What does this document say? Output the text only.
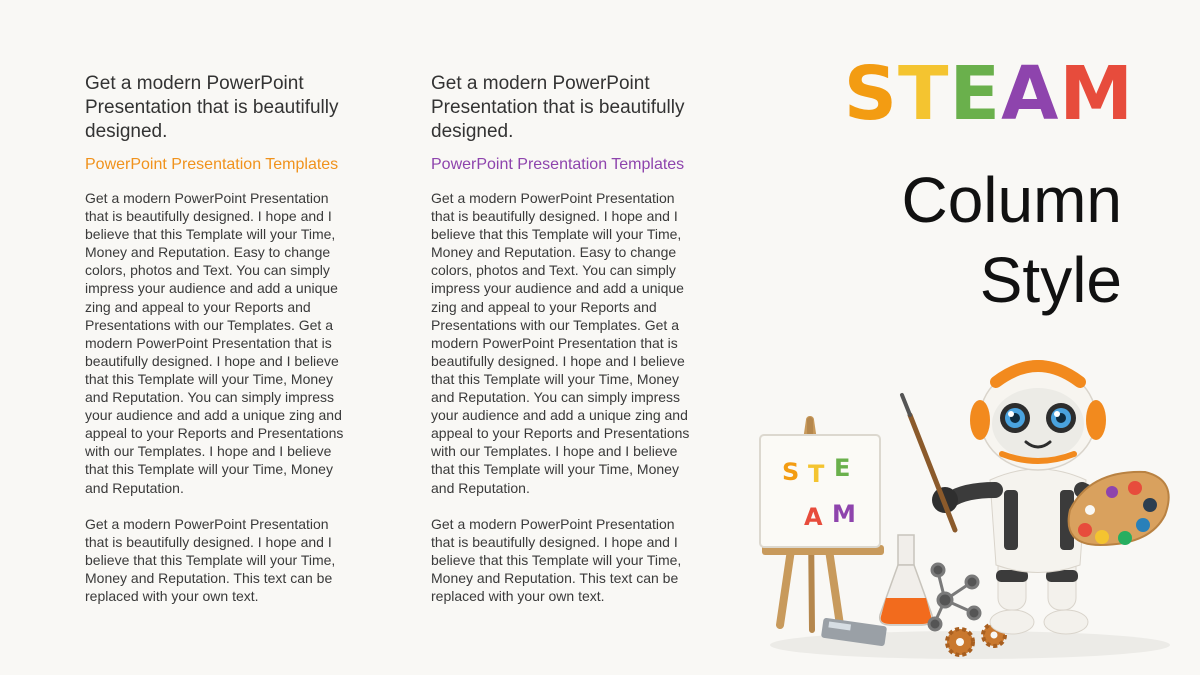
Get a modern PowerPoint Presentation that is beautifully designed.
PowerPoint Presentation Templates
Get a modern PowerPoint Presentation
that is beautifully designed. I hope and I
believe that this Template will your Time,
Money and Reputation. Easy to change
colors, photos and Text. You can simply
impress your audience and add a unique
zing and appeal to your Reports and
Presentations with our Templates. Get a
modern PowerPoint Presentation that is
beautifully designed. I hope and I believe
that this Template will your Time, Money
and Reputation. You can simply impress
your audience and add a unique zing and
appeal to your Reports and Presentations
with our Templates. I hope and I believe
that this Template will your Time, Money
and Reputation.
Get a modern PowerPoint Presentation
that is beautifully designed. I hope and I
believe that this Template will your Time,
Money and Reputation. This text can be
replaced with your own text.
Get a modern PowerPoint Presentation that is beautifully designed.
PowerPoint Presentation Templates
Get a modern PowerPoint Presentation
that is beautifully designed. I hope and I
believe that this Template will your Time,
Money and Reputation. Easy to change
colors, photos and Text. You can simply
impress your audience and add a unique
zing and appeal to your Reports and
Presentations with our Templates. Get a
modern PowerPoint Presentation that is
beautifully designed. I hope and I believe
that this Template will your Time, Money
and Reputation. You can simply impress
your audience and add a unique zing and
appeal to your Reports and Presentations
with our Templates. I hope and I believe
that this Template will your Time, Money
and Reputation.
Get a modern PowerPoint Presentation
that is beautifully designed. I hope and I
believe that this Template will your Time,
Money and Reputation. This text can be
replaced with your own text.
S T E A M
Column
Style
S T E
A M
